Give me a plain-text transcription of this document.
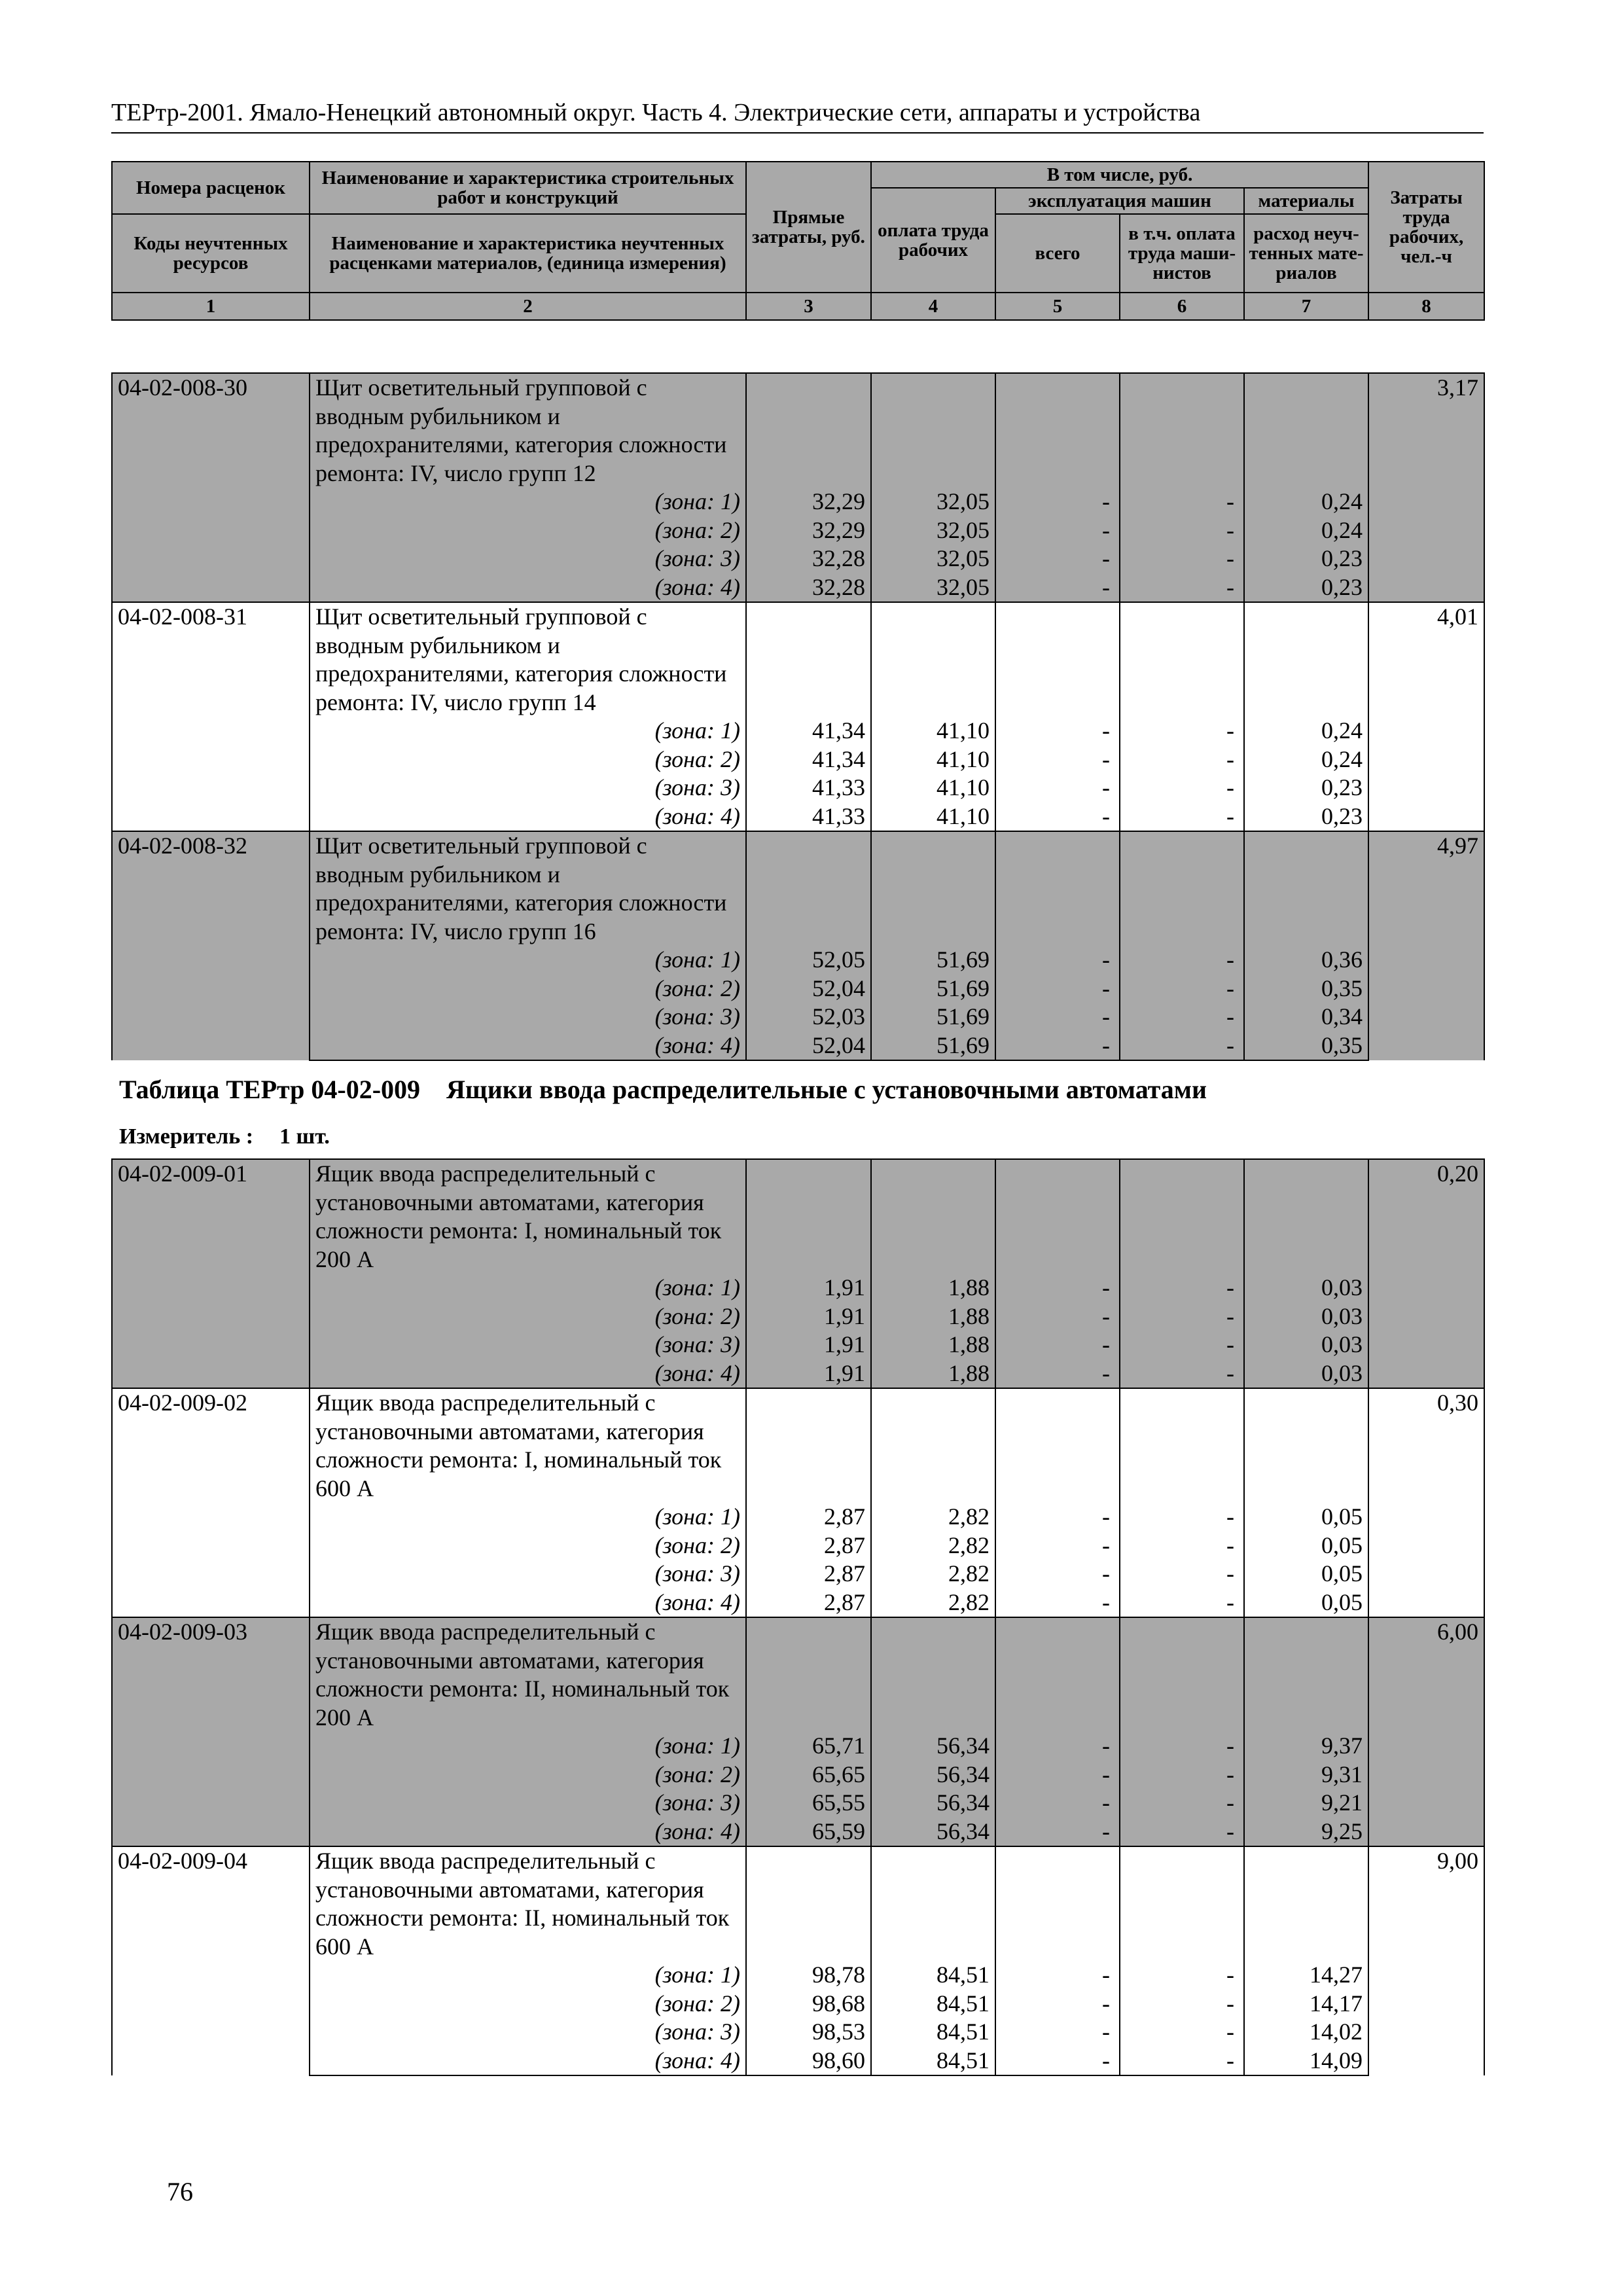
ТЕРтр-2001. Ямало-Ненецкий автономный округ. Часть 4. Электрические сети, аппараты и устройства
Номера расценок	Наименование и характеристика строительных работ и конструкций	Прямые затраты, руб.	В том числе, руб.				Затраты труда рабочих, чел.-ч
			оплата труда рабочих	эксплуатация машин		материалы	
Коды неучтенных ресурсов	Наименование и характеристика неучтенных расценками материалов, (единица измерения)			всего	в т.ч. оплата труда маши-нистов	расход неуч-тенных мате-риалов	

1	2	3	4	5	6	7	8
04-02-008-30	Щит осветительный групповой с вводным рубильником и предохранителями, категория сложности ремонта: IV, число групп 12						3,17
	(зона: 1)	32,29	32,05	-	-	0,24	
	(зона: 2)	32,29	32,05	-	-	0,24	
	(зона: 3)	32,28	32,05	-	-	0,23	
	(зона: 4)	32,28	32,05	-	-	0,23	
04-02-008-31	Щит осветительный групповой с вводным рубильником и предохранителями, категория сложности ремонта: IV, число групп 14						4,01
	(зона: 1)	41,34	41,10	-	-	0,24	
	(зона: 2)	41,34	41,10	-	-	0,24	
	(зона: 3)	41,33	41,10	-	-	0,23	
	(зона: 4)	41,33	41,10	-	-	0,23	
04-02-008-32	Щит осветительный групповой с вводным рубильником и предохранителями, категория сложности ремонта: IV, число групп 16						4,97
	(зона: 1)	52,05	51,69	-	-	0,36	
	(зона: 2)	52,04	51,69	-	-	0,35	
	(зона: 3)	52,03	51,69	-	-	0,34	
	(зона: 4)	52,04	51,69	-	-	0,35	
Таблица ТЕРтр 04-02-009 Ящики ввода распределительные с установочными автоматами
Измеритель : 1 шт.
04-02-009-01	Ящик ввода распределительный с установочными автоматами, категория сложности ремонта: I, номинальный ток 200 А						0,20
	(зона: 1)	1,91	1,88	-	-	0,03	
	(зона: 2)	1,91	1,88	-	-	0,03	
	(зона: 3)	1,91	1,88	-	-	0,03	
	(зона: 4)	1,91	1,88	-	-	0,03	
04-02-009-02	Ящик ввода распределительный с установочными автоматами, категория сложности ремонта: I, номинальный ток 600 А						0,30
	(зона: 1)	2,87	2,82	-	-	0,05	
	(зона: 2)	2,87	2,82	-	-	0,05	
	(зона: 3)	2,87	2,82	-	-	0,05	
	(зона: 4)	2,87	2,82	-	-	0,05	
04-02-009-03	Ящик ввода распределительный с установочными автоматами, категория сложности ремонта: II, номинальный ток 200 А						6,00
	(зона: 1)	65,71	56,34	-	-	9,37	
	(зона: 2)	65,65	56,34	-	-	9,31	
	(зона: 3)	65,55	56,34	-	-	9,21	
	(зона: 4)	65,59	56,34	-	-	9,25	
04-02-009-04	Ящик ввода распределительный с установочными автоматами, категория сложности ремонта: II, номинальный ток 600 А						9,00
	(зона: 1)	98,78	84,51	-	-	14,27	
	(зона: 2)	98,68	84,51	-	-	14,17	
	(зона: 3)	98,53	84,51	-	-	14,02	
	(зона: 4)	98,60	84,51	-	-	14,09	
76
